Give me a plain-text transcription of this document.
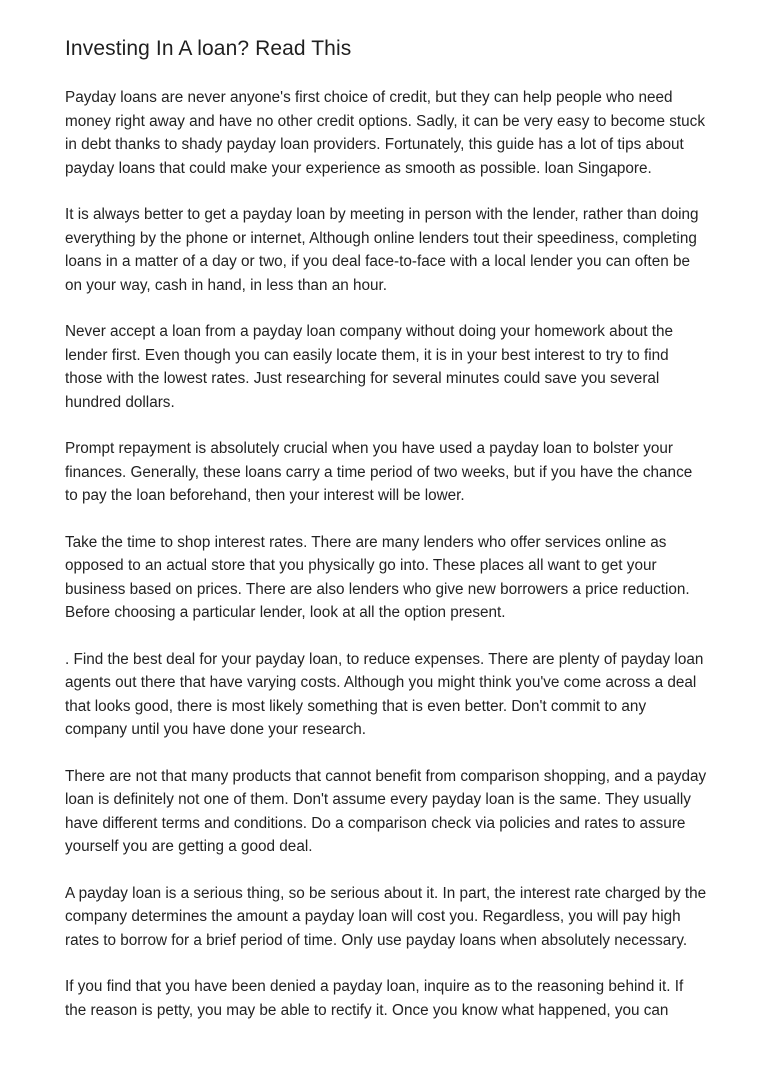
Investing In A loan? Read This

Payday loans are never anyone's first choice of credit, but they can help people who need money right away and have no other credit options. Sadly, it can be very easy to become stuck in debt thanks to shady payday loan providers. Fortunately, this guide has a lot of tips about payday loans that could make your experience as smooth as possible. loan Singapore.

It is always better to get a payday loan by meeting in person with the lender, rather than doing everything by the phone or internet, Although online lenders tout their speediness, completing loans in a matter of a day or two, if you deal face-to-face with a local lender you can often be on your way, cash in hand, in less than an hour.

Never accept a loan from a payday loan company without doing your homework about the lender first. Even though you can easily locate them, it is in your best interest to try to find those with the lowest rates. Just researching for several minutes could save you several hundred dollars.

Prompt repayment is absolutely crucial when you have used a payday loan to bolster your finances. Generally, these loans carry a time period of two weeks, but if you have the chance to pay the loan beforehand, then your interest will be lower.

Take the time to shop interest rates. There are many lenders who offer services online as opposed to an actual store that you physically go into. These places all want to get your business based on prices. There are also lenders who give new borrowers a price reduction. Before choosing a particular lender, look at all the option present.

. Find the best deal for your payday loan, to reduce expenses. There are plenty of payday loan agents out there that have varying costs. Although you might think you've come across a deal that looks good, there is most likely something that is even better. Don't commit to any company until you have done your research.

There are not that many products that cannot benefit from comparison shopping, and a payday loan is definitely not one of them. Don't assume every payday loan is the same. They usually have different terms and conditions. Do a comparison check via policies and rates to assure yourself you are getting a good deal.

A payday loan is a serious thing, so be serious about it. In part, the interest rate charged by the company determines the amount a payday loan will cost you. Regardless, you will pay high rates to borrow for a brief period of time. Only use payday loans when absolutely necessary.

If you find that you have been denied a payday loan, inquire as to the reasoning behind it. If the reason is petty, you may be able to rectify it. Once you know what happened, you can
